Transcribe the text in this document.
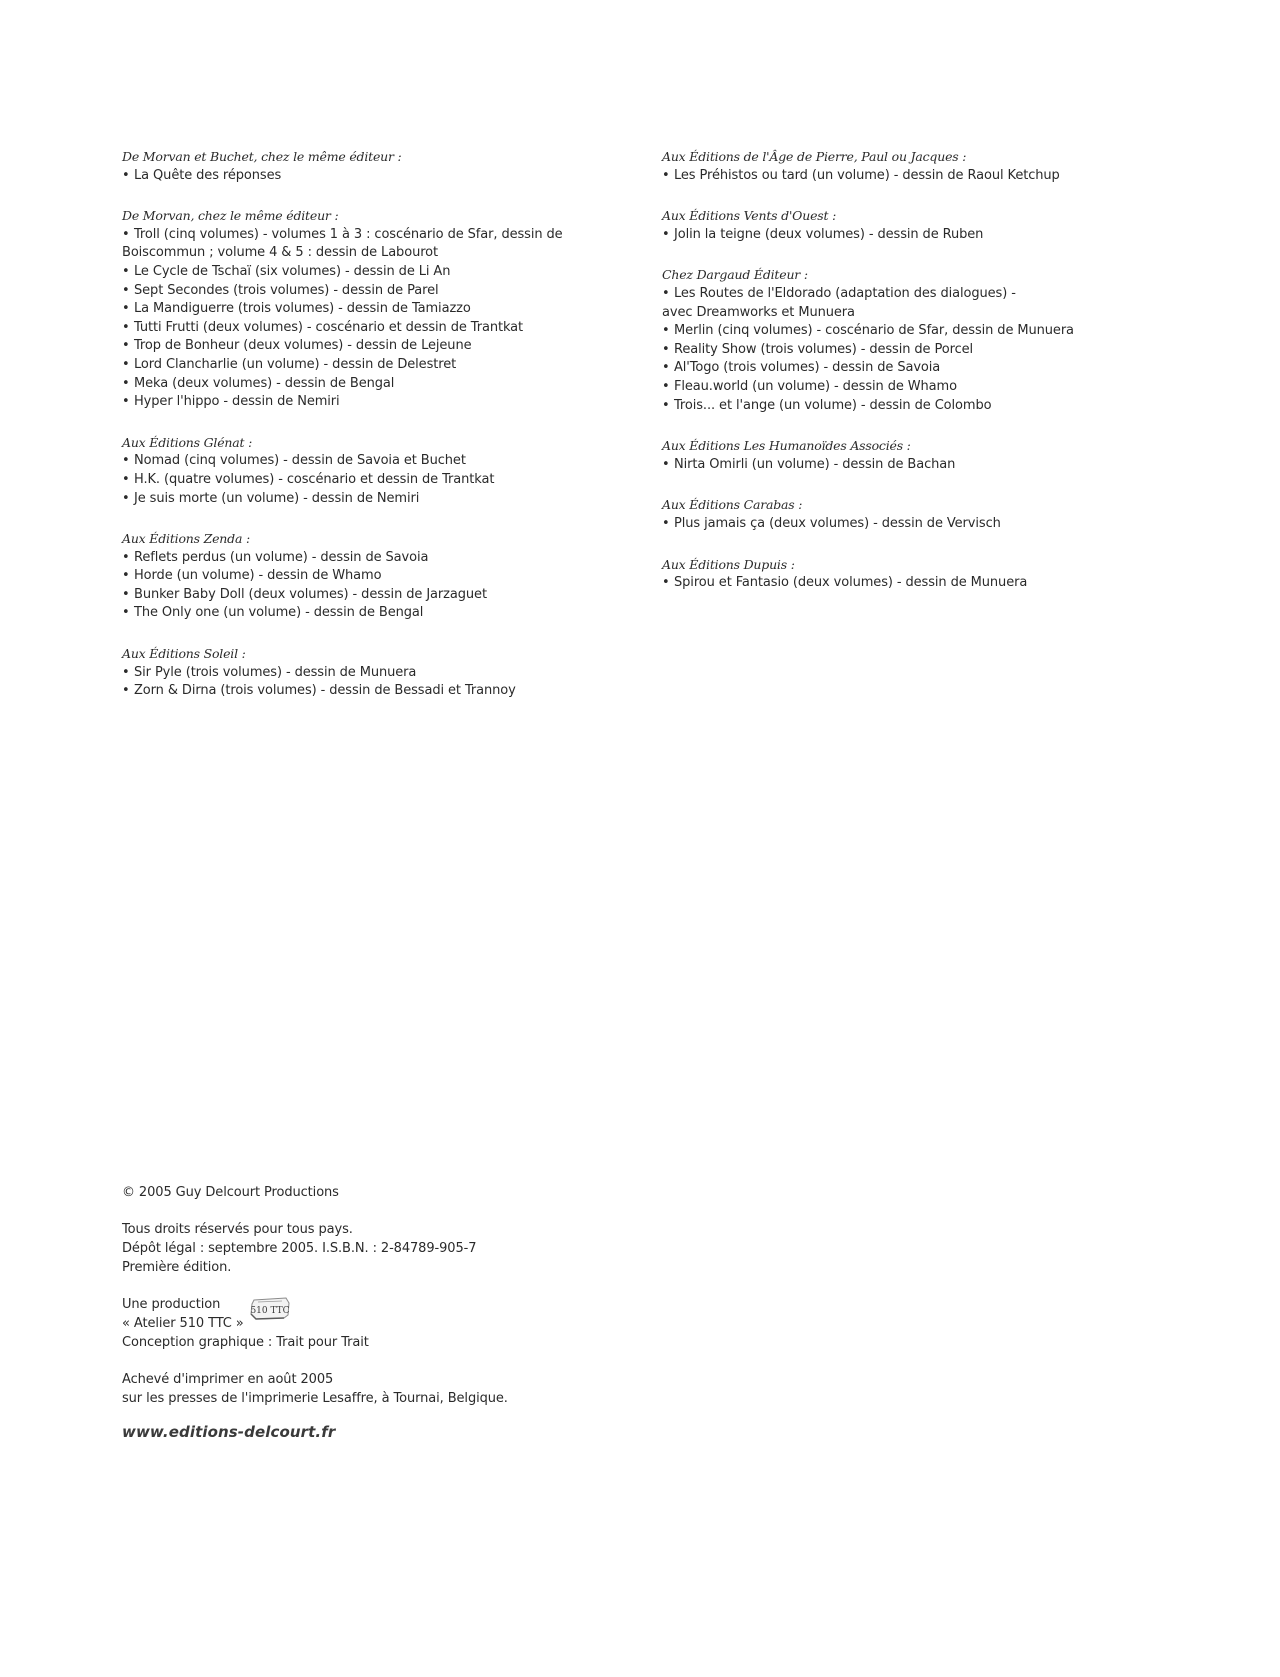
De Morvan et Buchet, chez le même éditeur :
• La Quête des réponses
De Morvan, chez le même éditeur :
• Troll (cinq volumes) - volumes 1 à 3 : coscénario de Sfar, dessin de
Boiscommun ; volume 4 & 5 : dessin de Labourot
• Le Cycle de Tschaï (six volumes) - dessin de Li An
• Sept Secondes (trois volumes) - dessin de Parel
• La Mandiguerre (trois volumes) - dessin de Tamiazzo
• Tutti Frutti (deux volumes) - coscénario et dessin de Trantkat
• Trop de Bonheur (deux volumes) - dessin de Lejeune
• Lord Clancharlie (un volume) - dessin de Delestret
• Meka (deux volumes) - dessin de Bengal
• Hyper l'hippo - dessin de Nemiri
Aux Éditions Glénat :
• Nomad (cinq volumes) - dessin de Savoia et Buchet
• H.K. (quatre volumes) - coscénario et dessin de Trantkat
• Je suis morte (un volume) - dessin de Nemiri
Aux Éditions Zenda :
• Reflets perdus (un volume) - dessin de Savoia
• Horde (un volume) - dessin de Whamo
• Bunker Baby Doll (deux volumes) - dessin de Jarzaguet
• The Only one (un volume) - dessin de Bengal
Aux Éditions Soleil :
• Sir Pyle (trois volumes) - dessin de Munuera
• Zorn & Dirna (trois volumes) - dessin de Bessadi et Trannoy
Aux Éditions de l'Âge de Pierre, Paul ou Jacques :
• Les Préhistos ou tard (un volume) - dessin de Raoul Ketchup
Aux Éditions Vents d'Ouest :
• Jolin la teigne (deux volumes) - dessin de Ruben
Chez Dargaud Éditeur :
• Les Routes de l'Eldorado (adaptation des dialogues) -
avec Dreamworks et Munuera
• Merlin (cinq volumes) - coscénario de Sfar, dessin de Munuera
• Reality Show (trois volumes) - dessin de Porcel
• Al'Togo (trois volumes) - dessin de Savoia
• Fleau.world (un volume) - dessin de Whamo
• Trois... et l'ange (un volume) - dessin de Colombo
Aux Éditions Les Humanoïdes Associés :
• Nirta Omirli (un volume) - dessin de Bachan
Aux Éditions Carabas :
• Plus jamais ça (deux volumes) - dessin de Vervisch
Aux Éditions Dupuis :
• Spirou et Fantasio (deux volumes) - dessin de Munuera
© 2005 Guy Delcourt Productions
Tous droits réservés pour tous pays.
Dépôt légal : septembre 2005. I.S.B.N. : 2-84789-905-7
Première édition.
Une production
« Atelier 510 TTC »
Conception graphique : Trait pour Trait
510 TTC
Achevé d'imprimer en août 2005
sur les presses de l'imprimerie Lesaffre, à Tournai, Belgique.
www.editions-delcourt.fr
